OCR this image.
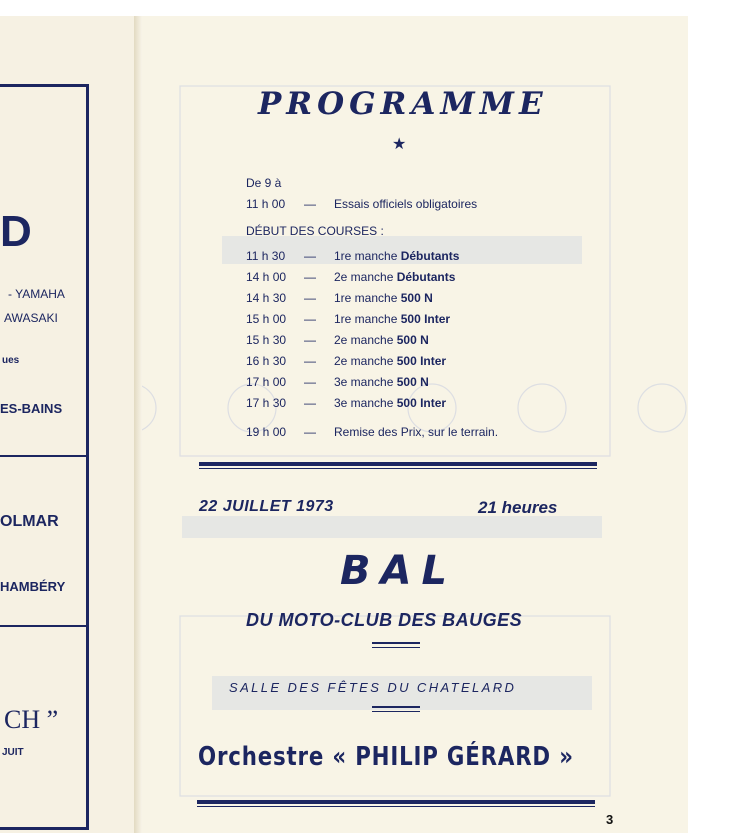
D
- YAMAHA
AWASAKI
ues
ES-BAINS
OLMAR
HAMBÉRY
CH ”
JUIT
PROGRAMME
★
De 9 à
11 h 00 — Essais officiels obligatoires
DÉBUT DES COURSES :
11 h 30 — 1re manche Débutants
14 h 00 — 2e manche Débutants
14 h 30 — 1re manche 500 N
15 h 00 — 1re manche 500 Inter
15 h 30 — 2e manche 500 N
16 h 30 — 2e manche 500 Inter
17 h 00 — 3e manche 500 N
17 h 30 — 3e manche 500 Inter
19 h 00 — Remise des Prix, sur le terrain.
22 JUILLET 1973	21 heures
BAL
DU MOTO-CLUB DES BAUGES
SALLE DES FÊTES DU CHATELARD
Orchestre « PHILIP GÉRARD »
3
